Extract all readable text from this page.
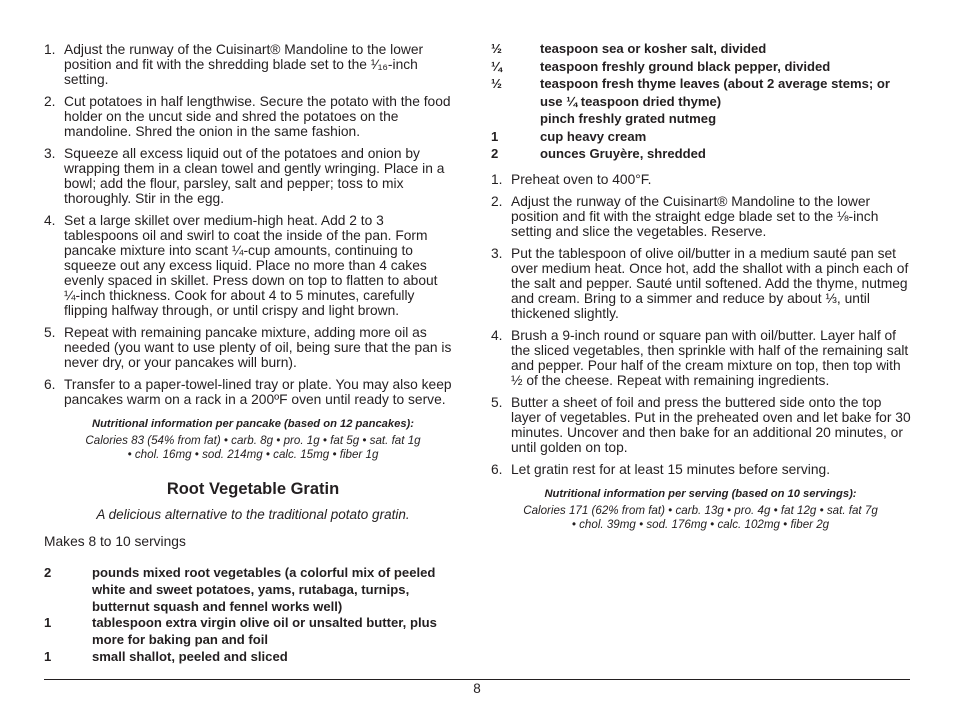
1. Adjust the runway of the Cuisinart® Mandoline to the lower
position and fit with the shredding blade set to the ¹⁄₁₆-inch
setting.
2. Cut potatoes in half lengthwise. Secure the potato with the food
holder on the uncut side and shred the potatoes on the
mandoline. Shred the onion in the same fashion.
3. Squeeze all excess liquid out of the potatoes and onion by
wrapping them in a clean towel and gently wringing. Place in a
bowl; add the flour, parsley, salt and pepper; toss to mix
thoroughly. Stir in the egg.
4. Set a large skillet over medium-high heat. Add 2 to 3
tablespoons oil and swirl to coat the inside of the pan. Form
pancake mixture into scant ¼-cup amounts, continuing to
squeeze out any excess liquid. Place no more than 4 cakes
evenly spaced in skillet. Press down on top to flatten to about
¼-inch thickness. Cook for about 4 to 5 minutes, carefully
flipping halfway through, or until crispy and light brown.
5. Repeat with remaining pancake mixture, adding more oil as
needed (you want to use plenty of oil, being sure that the pan is
never dry, or your pancakes will burn).
6. Transfer to a paper-towel-lined tray or plate. You may also keep
pancakes warm on a rack in a 200ºF oven until ready to serve.
Nutritional information per pancake (based on 12 pancakes):
Calories 83 (54% from fat) • carb. 8g • pro. 1g • fat 5g • sat. fat 1g
• chol. 16mg • sod. 214mg • calc. 15mg • fiber 1g
Root Vegetable Gratin
A delicious alternative to the traditional potato gratin.
Makes 8 to 10 servings
2	pounds mixed root vegetables (a colorful mix of peeled
white and sweet potatoes, yams, rutabaga, turnips,
butternut squash and fennel works well)
1	tablespoon extra virgin olive oil or unsalted butter, plus
more for baking pan and foil
1	small shallot, peeled and sliced
½	teaspoon sea or kosher salt, divided
¼	teaspoon freshly ground black pepper, divided
½	teaspoon fresh thyme leaves (about 2 average stems; or
use ¼ teaspoon dried thyme)
pinch freshly grated nutmeg
1	cup heavy cream
2	ounces Gruyère, shredded
1. Preheat oven to 400°F.
2. Adjust the runway of the Cuisinart® Mandoline to the lower
position and fit with the straight edge blade set to the ⅛-inch
setting and slice the vegetables. Reserve.
3. Put the tablespoon of olive oil/butter in a medium sauté pan set
over medium heat. Once hot, add the shallot with a pinch each of
the salt and pepper. Sauté until softened. Add the thyme, nutmeg
and cream. Bring to a simmer and reduce by about ⅓, until
thickened slightly.
4. Brush a 9-inch round or square pan with oil/butter. Layer half of
the sliced vegetables, then sprinkle with half of the remaining salt
and pepper. Pour half of the cream mixture on top, then top with
½ of the cheese. Repeat with remaining ingredients.
5. Butter a sheet of foil and press the buttered side onto the top
layer of vegetables. Put in the preheated oven and let bake for 30
minutes. Uncover and then bake for an additional 20 minutes, or
until golden on top.
6. Let gratin rest for at least 15 minutes before serving.
Nutritional information per serving (based on 10 servings):
Calories 171 (62% from fat) • carb. 13g • pro. 4g • fat 12g • sat. fat 7g
• chol. 39mg • sod. 176mg • calc. 102mg • fiber 2g
8
